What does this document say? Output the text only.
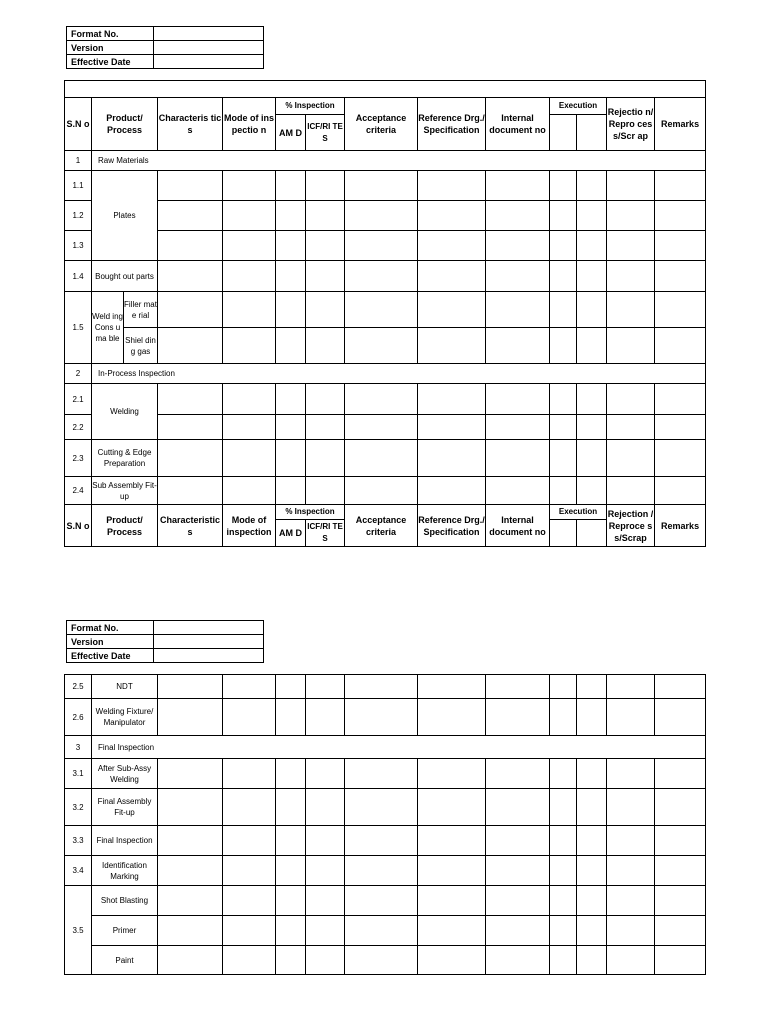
Format No.	
Version	
Effective Date	

S.N o	Product/ Process		Characteris tics	Mode of inspectio n	% Inspection		Acceptance criteria	Reference Drg./ Specification	Internal document no	Execution		Rejectio n/Repro cess/Scr ap	Remarks
					AM D	ICF/RI TES							
1	Raw Materials												
1.1	Plates												
1.2													
1.3													
1.4	Bought out parts												
1.5	Weld ing Cons uma ble	Filler mate rial											
		Shiel ding gas											
2	In-Process Inspection												
2.1	Welding												
2.2													
2.3	Cutting & Edge Preparation												
2.4	Sub Assembly Fit-up												
S.N o	Product/ Process		Characteristic s	Mode of inspection	% Inspection		Acceptance criteria	Reference Drg./ Specification	Internal document no	Execution		Rejection /Reproce ss/Scrap	Remarks
					AM D	ICF/RI TES							
Format No.	
Version	
Effective Date	
2.5	NDT											
2.6	Welding Fixture/ Manipulator											
3	Final Inspection											
3.1	After Sub-Assy Welding											
3.2	Final Assembly Fit-up											
3.3	Final Inspection											
3.4	Identification Marking											
3.5	Shot Blasting											
	Primer											
	Paint											
